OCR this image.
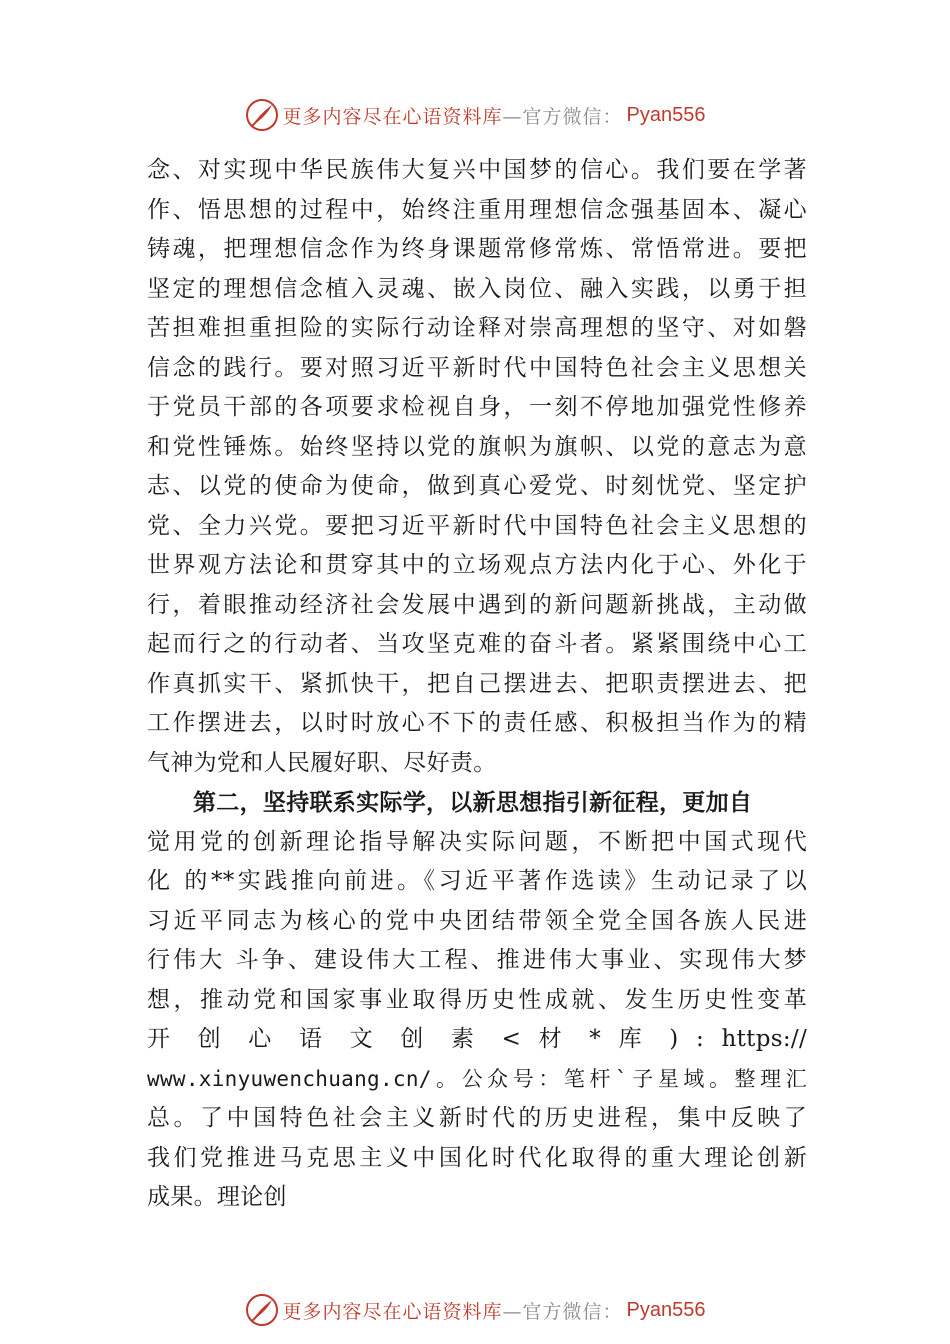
更多内容尽在心语资料库 —官方微信： Pyan556
念、对实现中华民族伟大复兴中国梦的信心。我们要在学著
作、悟思想的过程中，始终注重用理想信念强基固本、凝心
铸魂，把理想信念作为终身课题常修常炼、常悟常进。要把
坚定的理想信念植入灵魂、嵌入岗位、融入实践，以勇于担
苦担难担重担险的实际行动诠释对崇高理想的坚守、对如磐
信念的践行。要对照习近平新时代中国特色社会主义思想关
于党员干部的各项要求检视自身，一刻不停地加强党性修养
和党性锤炼。始终坚持以党的旗帜为旗帜、以党的意志为意
志、以党的使命为使命，做到真心爱党、时刻忧党、坚定护
党、全力兴党。要把习近平新时代中国特色社会主义思想的
世界观方法论和贯穿其中的立场观点方法内化于心、外化于
行，着眼推动经济社会发展中遇到的新问题新挑战，主动做
起而行之的行动者、当攻坚克难的奋斗者。紧紧围绕中心工
作真抓实干、紧抓快干，把自己摆进去、把职责摆进去、把
工作摆进去，以时时放心不下的责任感、积极担当作为的精
气神为党和人民履好职、尽好责。
第二，坚持联系实际学，以新思想指引新征程，更加自
觉用党的创新理论指导解决实际问题，不断把中国式现代
化 的**实践推向前进。《习近平著作选读》生动记录了以
习近平同志为核心的党中央团结带领全党全国各族人民进
行伟大 斗争、建设伟大工程、推进伟大事业、实现伟大梦
想，推动党和国家事业取得历史性成就、发生历史性变革
开 创 心 语 文 创 素 < 材 * 库 ) : https://
www.xinyuwenchuang.cn/。公众号：笔杆`子星域。整理汇
总。了中国特色社会主义新时代的历史进程，集中反映了
我们党推进马克思主义中国化时代化取得的重大理论创新
成果。理论创
更多内容尽在心语资料库 —官方微信： Pyan556
